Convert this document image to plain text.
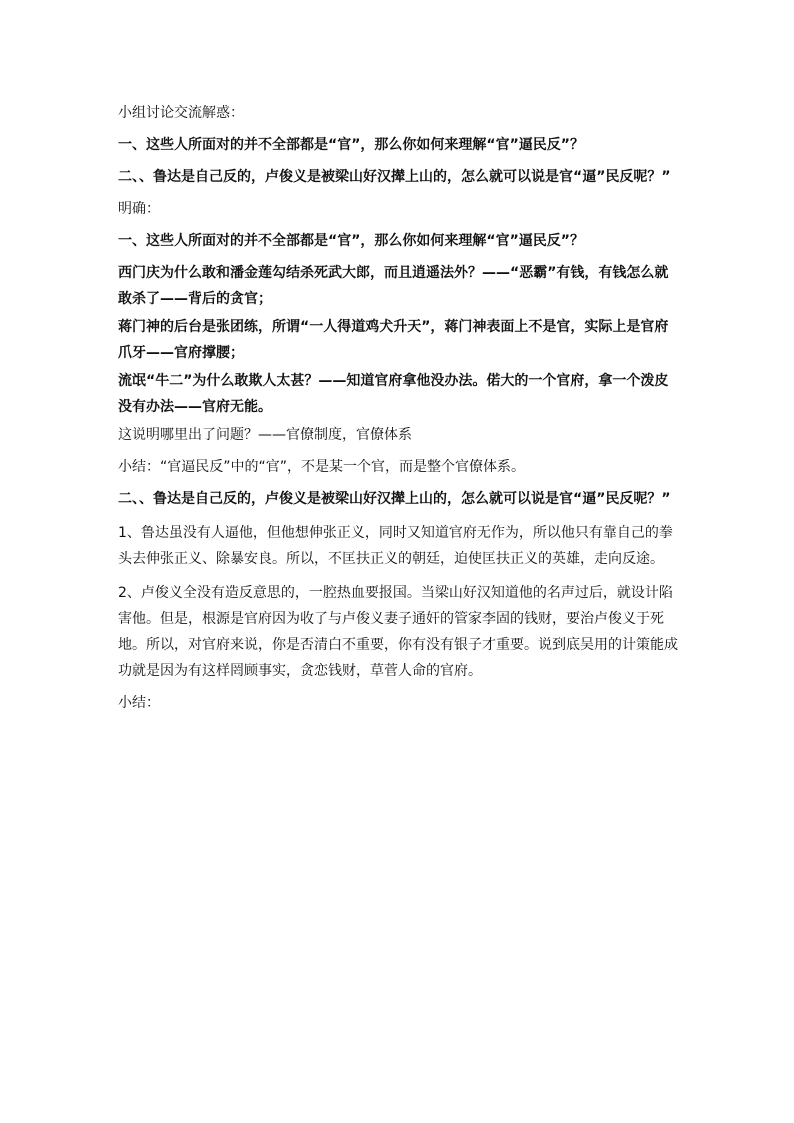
小组讨论交流解惑：

一、这些人所面对的并不全部都是“官”，那么你如何来理解“官”逼民反”？

二、、鲁达是自己反的，卢俊义是被梁山好汉撵上山的，怎么就可以说是官“逼”民反呢？”

明确：

一、这些人所面对的并不全部都是“官”，那么你如何来理解“官”逼民反”？

西门庆为什么敢和潘金莲勾结杀死武大郎，而且逍遥法外？——“恶霸”有钱，有钱怎么就敢杀了——背后的贪官；

蒋门神的后台是张团练，所谓“一人得道鸡犬升天”，蒋门神表面上不是官，实际上是官府爪牙——官府撑腰；

流氓“牛二”为什么敢欺人太甚？——知道官府拿他没办法。偌大的一个官府，拿一个泼皮没有办法——官府无能。

这说明哪里出了问题？——官僚制度，官僚体系

小结：“官逼民反”中的“官”，不是某一个官，而是整个官僚体系。

二、、鲁达是自己反的，卢俊义是被梁山好汉撵上山的，怎么就可以说是官“逼”民反呢？”

1、鲁达虽没有人逼他，但他想伸张正义，同时又知道官府无作为，所以他只有靠自己的拳头去伸张正义、除暴安良。所以，不匡扶正义的朝廷，迫使匡扶正义的英雄，走向反途。

2、卢俊义全没有造反意思的，一腔热血要报国。当梁山好汉知道他的名声过后，就设计陷害他。但是，根源是官府因为收了与卢俊义妻子通奸的管家李固的钱财，要治卢俊义于死地。所以，对官府来说，你是否清白不重要，你有没有银子才重要。说到底吴用的计策能成功就是因为有这样罔顾事实，贪恋钱财，草菅人命的官府。

小结：
